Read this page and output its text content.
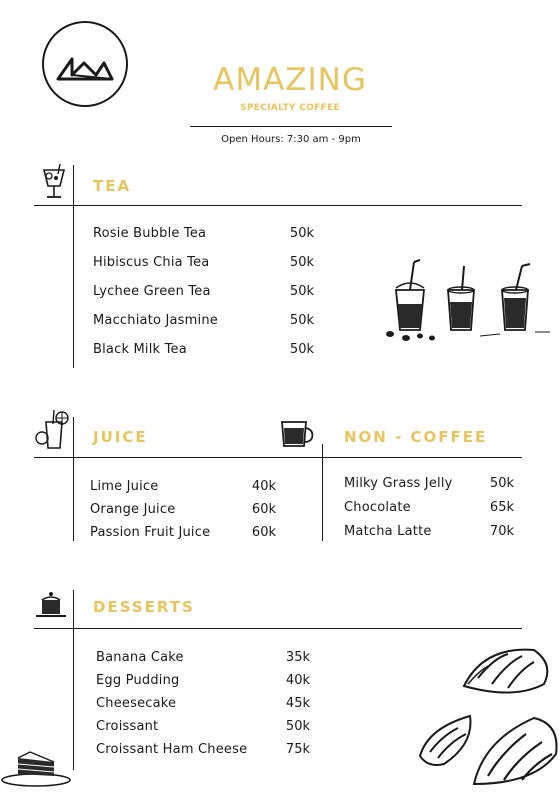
AMAZING
SPECIALTY COFFEE
Open Hours: 7:30 am - 9pm
TEA
Rosie Bubble Tea	50k
Hibiscus Chia Tea	50k
Lychee Green Tea	50k
Macchiato Jasmine	50k
Black Milk Tea	50k
JUICE
Lime Juice	40k
Orange Juice	60k
Passion Fruit Juice	60k
NON - COFFEE
Milky Grass Jelly	50k
Chocolate	65k
Matcha Latte	70k
DESSERTS
Banana Cake	35k
Egg Pudding	40k
Cheesecake	45k
Croissant	50k
Croissant Ham Cheese	75k
